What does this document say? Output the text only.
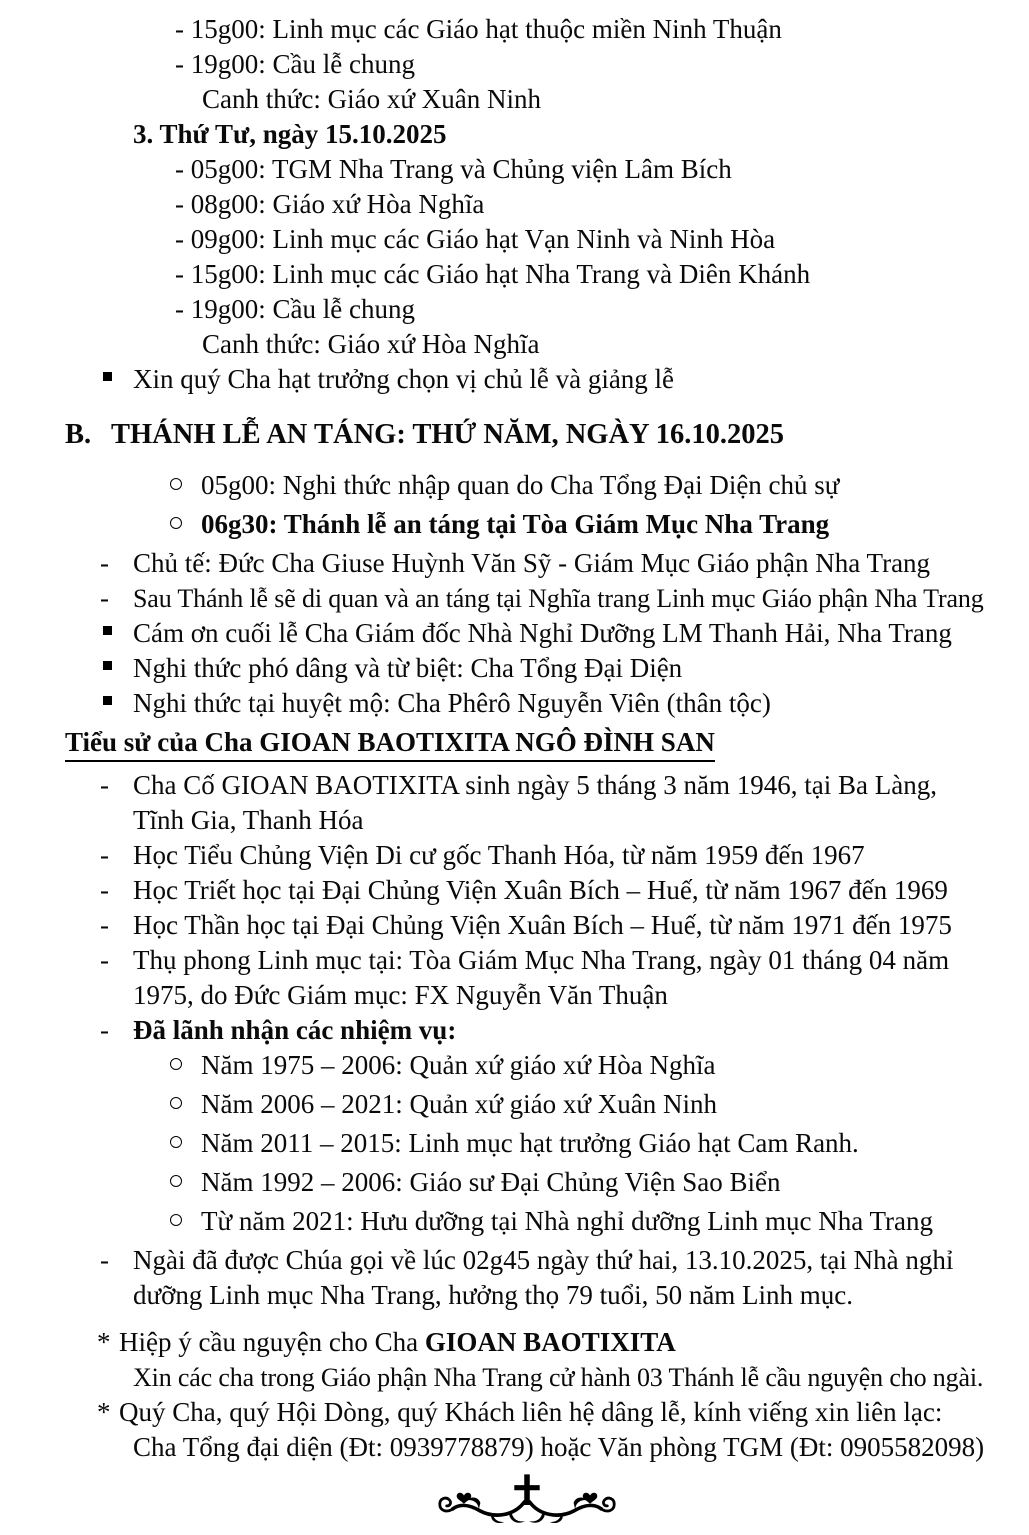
- 15g00: Linh mục các Giáo hạt thuộc miền Ninh Thuận
- 19g00: Cầu lễ chung
Canh thức: Giáo xứ Xuân Ninh
3. Thứ Tư, ngày 15.10.2025
- 05g00: TGM Nha Trang và Chủng viện Lâm Bích
- 08g00: Giáo xứ Hòa Nghĩa
- 09g00: Linh mục các Giáo hạt Vạn Ninh và Ninh Hòa
- 15g00: Linh mục các Giáo hạt Nha Trang và Diên Khánh
- 19g00: Cầu lễ chung
Canh thức: Giáo xứ Hòa Nghĩa
Xin quý Cha hạt trưởng chọn vị chủ lễ và giảng lễ
B. THÁNH LỄ AN TÁNG: THỨ NĂM, NGÀY 16.10.2025
05g00: Nghi thức nhập quan do Cha Tổng Đại Diện chủ sự
06g30: Thánh lễ an táng tại Tòa Giám Mục Nha Trang
- Chủ tế: Đức Cha Giuse Huỳnh Văn Sỹ - Giám Mục Giáo phận Nha Trang
- Sau Thánh lễ sẽ di quan và an táng tại Nghĩa trang Linh mục Giáo phận Nha Trang
Cám ơn cuối lễ Cha Giám đốc Nhà Nghỉ Dưỡng LM Thanh Hải, Nha Trang
Nghi thức phó dâng và từ biệt: Cha Tổng Đại Diện
Nghi thức tại huyệt mộ: Cha Phêrô Nguyễn Viên (thân tộc)
Tiểu sử của Cha GIOAN BAOTIXITA NGÔ ĐÌNH SAN
- Cha Cố GIOAN BAOTIXITA sinh ngày 5 tháng 3 năm 1946, tại Ba Làng, Tĩnh Gia, Thanh Hóa
- Học Tiểu Chủng Viện Di cư gốc Thanh Hóa, từ năm 1959 đến 1967
- Học Triết học tại Đại Chủng Viện Xuân Bích – Huế, từ năm 1967 đến 1969
- Học Thần học tại Đại Chủng Viện Xuân Bích – Huế, từ năm 1971 đến 1975
- Thụ phong Linh mục tại: Tòa Giám Mục Nha Trang, ngày 01 tháng 04 năm 1975, do Đức Giám mục: FX Nguyễn Văn Thuận
- Đã lãnh nhận các nhiệm vụ:
Năm 1975 – 2006: Quản xứ giáo xứ Hòa Nghĩa
Năm 2006 – 2021: Quản xứ giáo xứ Xuân Ninh
Năm 2011 – 2015: Linh mục hạt trưởng Giáo hạt Cam Ranh.
Năm 1992 – 2006: Giáo sư Đại Chủng Viện Sao Biển
Từ năm 2021: Hưu dưỡng tại Nhà nghỉ dưỡng Linh mục Nha Trang
- Ngài đã được Chúa gọi về lúc 02g45 ngày thứ hai, 13.10.2025, tại Nhà nghỉ dưỡng Linh mục Nha Trang, hưởng thọ 79 tuổi, 50 năm Linh mục.
* Hiệp ý cầu nguyện cho Cha GIOAN BAOTIXITA
Xin các cha trong Giáo phận Nha Trang cử hành 03 Thánh lễ cầu nguyện cho ngài.
* Quý Cha, quý Hội Dòng, quý Khách liên hệ dâng lễ, kính viếng xin liên lạc:
Cha Tổng đại diện (Đt: 0939778879) hoặc Văn phòng TGM (Đt: 0905582098)
